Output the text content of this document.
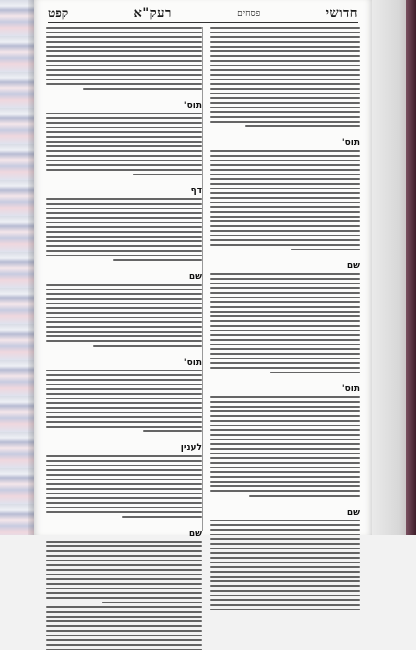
חדושי
פסחים
רעק"א
קפט
תוס'
שם
תוס'
שם
תוס'
דף
שם
תוס'
לענין
שם
